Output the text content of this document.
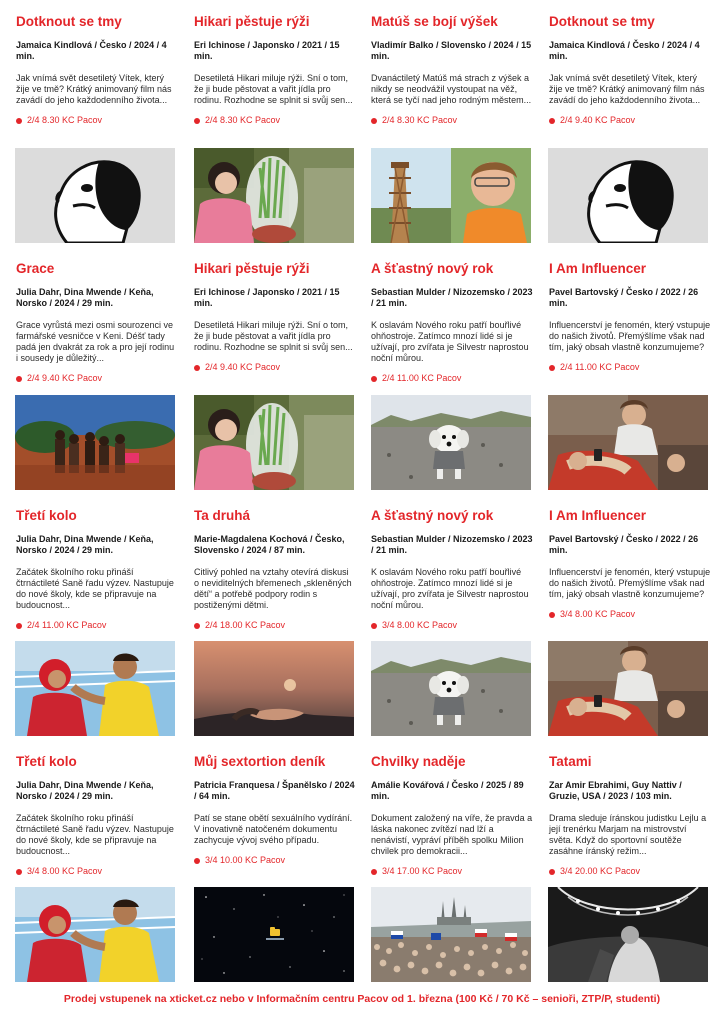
Dotknout se tmy
Jamaica Kindlová / Česko / 2024 / 4 min.
Jak vnímá svět desetiletý Vítek, který žije ve tmě? Krátký animovaný film nás zavádí do jeho každodenního života...
2/4 8.30 KC Pacov
Hikari pěstuje rýži
Eri Ichinose / Japonsko / 2021 / 15 min.
Desetiletá Hikari miluje rýži. Sní o tom, že ji bude pěstovat a vařit jídla pro rodinu. Rozhodne se splnit si svůj sen...
2/4 8.30 KC Pacov
Matúš se bojí výšek
Vladimír Balko / Slovensko / 2024 / 15 min.
Dvanáctiletý Matúš má strach z výšek a nikdy se neodvážil vystoupat na věž, která se tyčí nad jeho rodným městem...
2/4 8.30 KC Pacov
Dotknout se tmy
Jamaica Kindlová / Česko / 2024 / 4 min.
Jak vnímá svět desetiletý Vítek, který žije ve tmě? Krátký animovaný film nás zavádí do jeho každodenního života...
2/4 9.40 KC Pacov
Grace
Julia Dahr, Dina Mwende / Keňa, Norsko / 2024 / 29 min.
Grace vyrůstá mezi osmi sourozenci ve farmářské vesničce v Keni. Déšť tady padá jen dvakrát za rok a pro její rodinu i sousedy je důležitý...
2/4 9.40 KC Pacov
Hikari pěstuje rýži
Eri Ichinose / Japonsko / 2021 / 15 min.
Desetiletá Hikari miluje rýži. Sní o tom, že ji bude pěstovat a vařit jídla pro rodinu. Rozhodne se splnit si svůj sen...
2/4 9.40 KC Pacov
A šťastný nový rok
Sebastian Mulder / Nizozemsko / 2023 / 21 min.
K oslavám Nového roku patří bouřlivé ohňostroje. Zatímco mnozí lidé si je užívají, pro zvířata je Silvestr naprostou noční můrou.
2/4 11.00 KC Pacov
I Am Influencer
Pavel Bartovský / Česko / 2022 / 26 min.
Influencerství je fenomén, který vstupuje do našich životů. Přemýšlíme však nad tím, jaký obsah vlastně konzumujeme?
2/4 11.00 KC Pacov
Třetí kolo
Julia Dahr, Dina Mwende / Keňa, Norsko / 2024 / 29 min.
Začátek školního roku přináší čtrnáctileté Saně řadu výzev. Nastupuje do nové školy, kde se připravuje na budoucnost...
2/4 11.00 KC Pacov
Ta druhá
Marie-Magdalena Kochová / Česko, Slovensko / 2024 / 87 min.
Citlivý pohled na vztahy otevírá diskusi o neviditelných břemenech „skleněných dětí“ a potřebě podpory rodin s postiženými dětmi.
2/4 18.00 KC Pacov
A šťastný nový rok
Sebastian Mulder / Nizozemsko / 2023 / 21 min.
K oslavám Nového roku patří bouřlivé ohňostroje. Zatímco mnozí lidé si je užívají, pro zvířata je Silvestr naprostou noční můrou.
3/4 8.00 KC Pacov
I Am Influencer
Pavel Bartovský / Česko / 2022 / 26 min.
Influencerství je fenomén, který vstupuje do našich životů. Přemýšlíme však nad tím, jaký obsah vlastně konzumujeme?
3/4 8.00 KC Pacov
Třetí kolo
Julia Dahr, Dina Mwende / Keňa, Norsko / 2024 / 29 min.
Začátek školního roku přináší čtrnáctileté Saně řadu výzev. Nastupuje do nové školy, kde se připravuje na budoucnost...
3/4 8.00 KC Pacov
Můj sextortion deník
Patricia Franquesa / Španělsko / 2024 / 64 min.
Patí se stane obětí sexuálního vydírání. V inovativně natočeném dokumentu zachycuje vývoj svého případu.
3/4 10.00 KC Pacov
Chvilky naděje
Amálie Kovářová / Česko / 2025 / 89 min.
Dokument založený na víře, že pravda a láska nakonec zvítězí nad lží a nenávistí, vypráví příběh spolku Milion chvilek pro demokracii...
3/4 17.00 KC Pacov
Tatami
Zar Amir Ebrahimi, Guy Nattiv / Gruzie, USA / 2023 / 103 min.
Drama sleduje íránskou judistku Lejlu a její trenérku Marjam na mistrovství světa. Když do sportovní soutěže zasáhne íránský režim...
3/4 20.00 KC Pacov
Prodej vstupenek na xticket.cz nebo v Informačním centru Pacov od 1. března (100 Kč / 70 Kč – senioři, ZTP/P, studenti)
